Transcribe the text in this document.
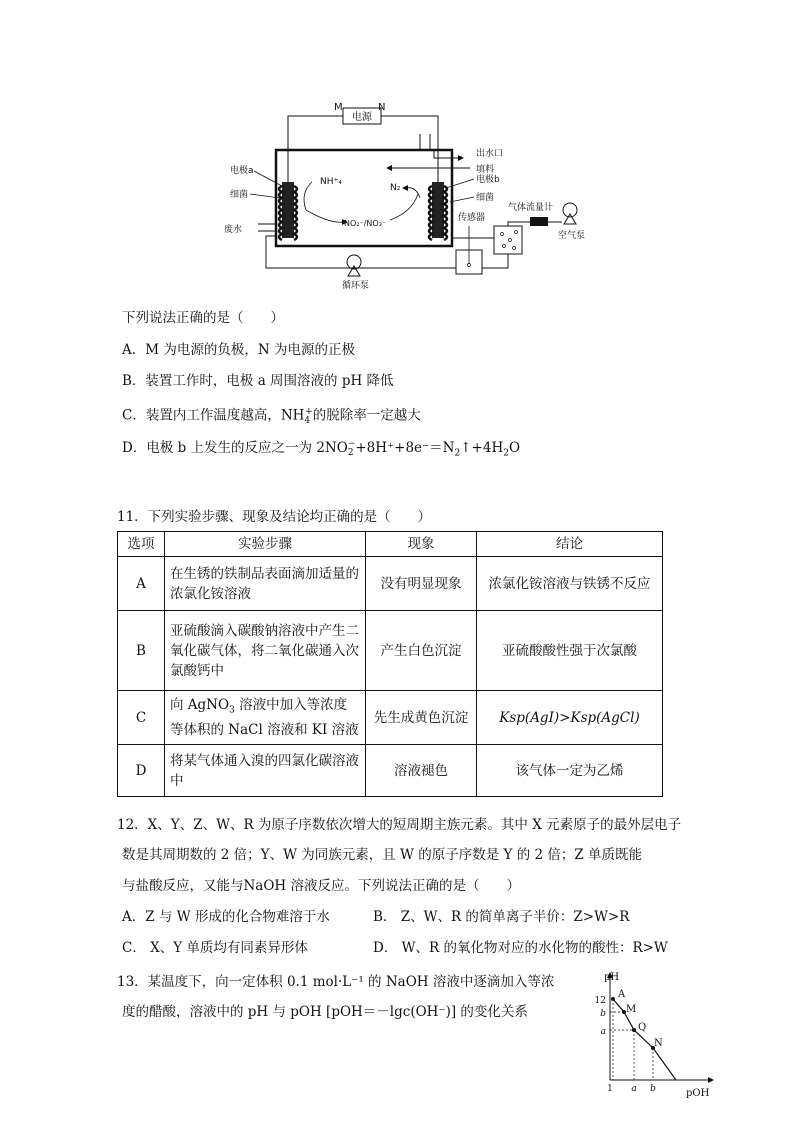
电源
M	N
出水口
填料
电极a
细菌
废水
NH⁺₄
NO₂⁻/NO₃⁻
N₂
电极b
细菌
传感器
气体流量计
空气泵
循环泵
下列说法正确的是（　　）
A．M 为电源的负极，N 为电源的正极
B．装置工作时，电极 a 周围溶液的 pH 降低
C．装置内工作温度越高，$NH_4^+$的脱除率一定越大
D．电极 b 上发生的反应之一为 2NO −
$2 +8H^++8e^-=N_2↑+4H_2O$
11．下列实验步骤、现象及结论均正确的是（　　）
选项	实验步骤	现象	结论
A	在生锈的铁制品表面滴加适量的浓氯化铵溶液	没有明显现象	浓氯化铵溶液与铁锈不反应
B	亚硫酸滴入碳酸钠溶液中产生二氧化碳气体，将二氧化碳通入次氯酸钙中	产生白色沉淀	亚硫酸酸性强于次氯酸
C	向 AgNO$_3$ 溶液中加入等浓度等体积的 NaCl 溶液和 KI 溶液	先生成黄色沉淀	Ksp(AgI)>Ksp(AgCl)
D	将某气体通入溴的四氯化碳溶液中	溶液褪色	该气体一定为乙烯
12．X、Y、Z、W、R 为原子序数依次增大的短周期主族元素。其中 X 元素原子的最外层电子
数是其周期数的 2 倍；Y、W 为同族元素，且 W 的原子序数是 Y 的 2 倍；Z 单质既能
与盐酸反应，又能与NaOH 溶液反应。下列说法正确的是（　　）
A．Z 与 W 形成的化合物难溶于水	B． Z、W、R 的简单离子半价：Z>W>R
C． X、Y 单质均有同素异形体	D． W、R 的氧化物对应的水化物的酸性：R>W
13．某温度下，向一定体积 0.1 mol·L⁻¹ 的 NaOH 溶液中逐滴加入等浓
度的醋酸，溶液中的 pH 与 pOH [pOH＝－lgc(OH⁻)] 的变化关系
pH
pOH
1 a b
12
b
a
A
M
Q
N
